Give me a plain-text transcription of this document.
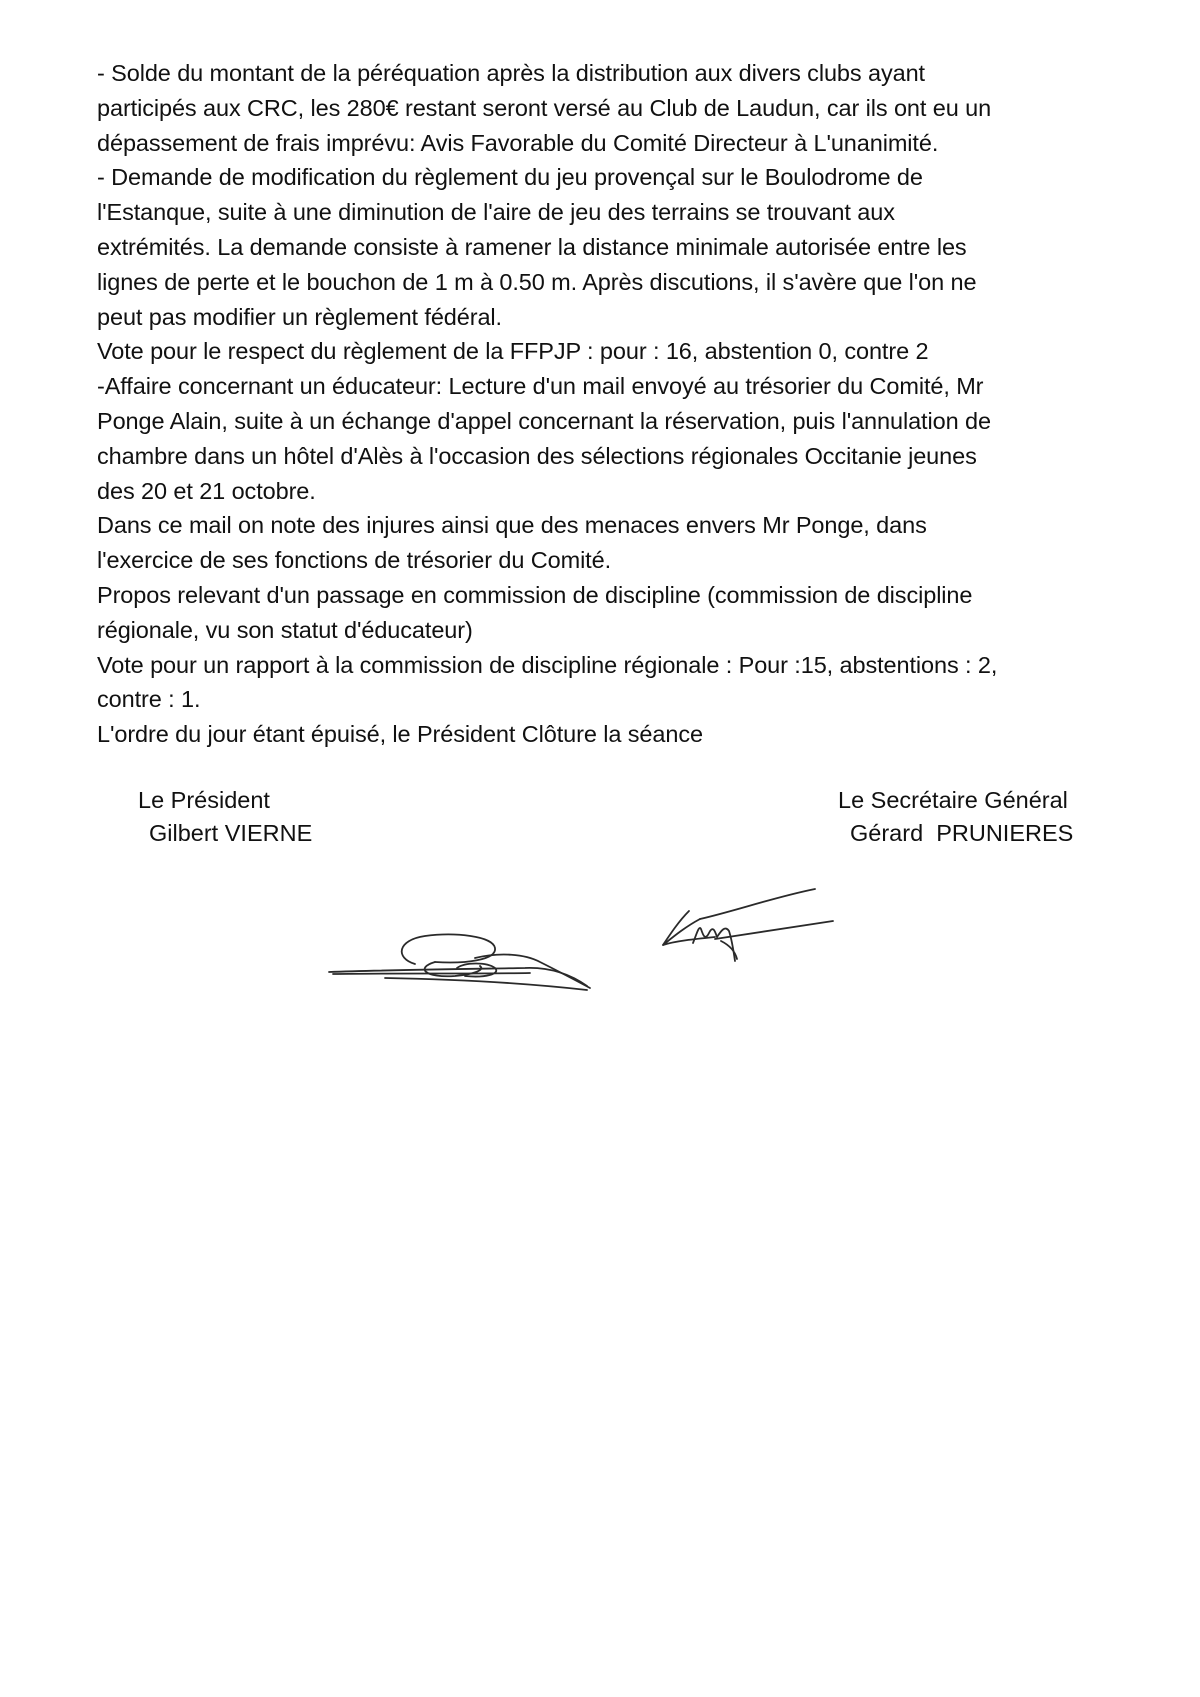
- Solde du montant de la péréquation après la distribution aux divers clubs ayant
participés aux CRC, les 280€ restant seront versé au Club de Laudun, car ils ont eu un
dépassement de frais imprévu: Avis Favorable du Comité Directeur à L'unanimité.
- Demande de modification du règlement du jeu provençal sur le Boulodrome de
l'Estanque, suite à une diminution de l'aire de jeu des terrains se trouvant aux
extrémités. La demande consiste à ramener la distance minimale autorisée entre les
lignes de perte et le bouchon de 1 m à 0.50 m. Après discutions, il s'avère que l'on ne
peut pas modifier un règlement fédéral.
Vote pour le respect du règlement de la FFPJP : pour : 16, abstention 0, contre 2
-Affaire concernant un éducateur: Lecture d'un mail envoyé au trésorier du Comité, Mr
Ponge Alain, suite à un échange d'appel concernant la réservation, puis l'annulation de
chambre dans un hôtel d'Alès à l'occasion des sélections régionales Occitanie jeunes
des 20 et 21 octobre.
Dans ce mail on note des injures ainsi que des menaces envers Mr Ponge, dans
l'exercice de ses fonctions de trésorier du Comité.
Propos relevant d'un passage en commission de discipline (commission de discipline
régionale, vu son statut d'éducateur)
Vote pour un rapport à la commission de discipline régionale : Pour :15, abstentions : 2,
contre : 1.
L'ordre du jour étant épuisé, le Président Clôture la séance
Le Président
Gilbert VIERNE
Le Secrétaire Général
Gérard  PRUNIERES
